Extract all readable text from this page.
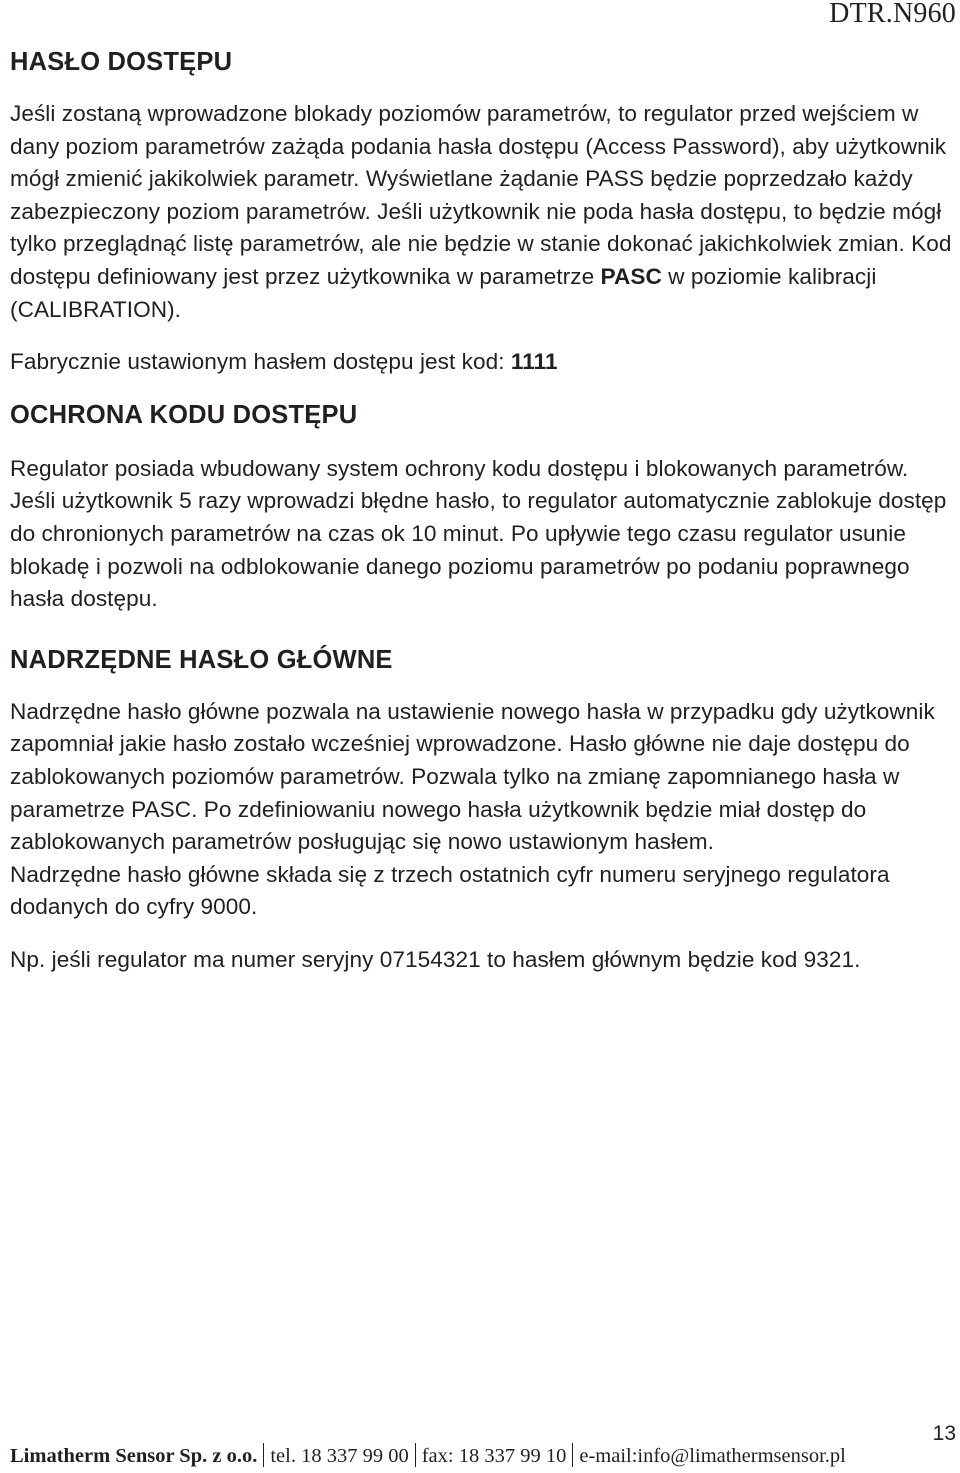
DTR.N960
HASŁO DOSTĘPU

Jeśli zostaną wprowadzone blokady poziomów parametrów, to regulator przed wejściem w dany poziom parametrów zażąda podania hasła dostępu (Access Password), aby użytkownik mógł zmienić jakikolwiek parametr. Wyświetlane żądanie PASS będzie poprzedzało każdy zabezpieczony poziom parametrów. Jeśli użytkownik nie poda hasła dostępu, to będzie mógł tylko przeglądnąć listę parametrów, ale nie będzie w stanie dokonać jakichkolwiek zmian. Kod dostępu definiowany jest przez użytkownika w parametrze PASC w poziomie kalibracji (CALIBRATION).

Fabrycznie ustawionym hasłem dostępu jest kod: 1111

OCHRONA KODU DOSTĘPU

Regulator posiada wbudowany system ochrony kodu dostępu i blokowanych parametrów. Jeśli użytkownik 5 razy wprowadzi błędne hasło, to regulator automatycznie zablokuje dostęp do chronionych parametrów na czas ok 10 minut. Po upływie tego czasu regulator usunie blokadę i pozwoli na odblokowanie danego poziomu parametrów po podaniu poprawnego hasła dostępu.

NADRZĘDNE HASŁO GŁÓWNE

Nadrzędne hasło główne pozwala na ustawienie nowego hasła w przypadku gdy użytkownik zapomniał jakie hasło zostało wcześniej wprowadzone. Hasło główne nie daje dostępu do zablokowanych poziomów parametrów. Pozwala tylko na zmianę zapomnianego hasła w parametrze PASC. Po zdefiniowaniu nowego hasła użytkownik będzie miał dostęp do zablokowanych parametrów posługując się nowo ustawionym hasłem.

Nadrzędne hasło główne składa się z trzech ostatnich cyfr numeru seryjnego regulatora dodanych do cyfry 9000.

Np. jeśli regulator ma numer seryjny 07154321 to hasłem głównym będzie kod 9321.

13
Limatherm Sensor Sp. z o.o. tel. 18 337 99 00 fax: 18 337 99 10 e-mail:info@limathermsensor.pl
